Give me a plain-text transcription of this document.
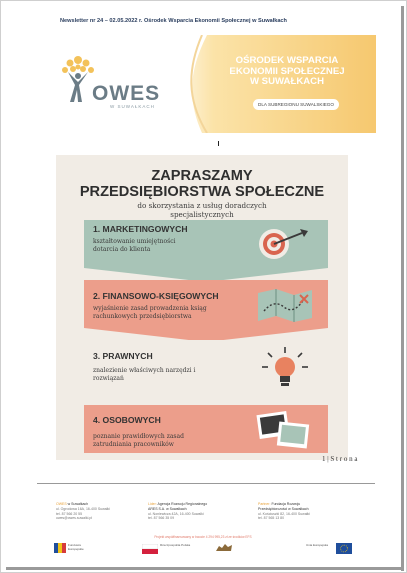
Newsletter nr 24 – 02.05.2022 r. Ośrodek Wsparcia Ekonomii Społecznej w Suwałkach
OWES
W SUWAŁKACH
OŚRODEK WSPARCIA
EKONOMII SPOŁECZNEJ
W SUWAŁKACH
DLA SUBREGIONU SUWALSKIEGO
ZAPRASZAMY
PRZEDSIĘBIORSTWA SPOŁECZNE
do skorzystania z usług doradczych
specjalistycznych
1. MARKETINGOWYCH
kształtowanie umiejętności
dotarcia do klienta
2. FINANSOWO-KSIĘGOWYCH
wyjaśnienie zasad prowadzenia ksiąg
rachunkowych przedsiębiorstwa
3. PRAWNYCH
znalezienie właściwych narzędzi i
rozwiązań
4. OSOBOWYCH
poznanie prawidłowych zasad
zatrudniania pracowników
1 | S t r o n a
OWES w Suwałkach
ul. Ogrodowa 16A, 16-400 Suwałki
tel. 87 566 20 55
owes@owes.suwalki.pl
Lider: Agencja Rozwoju Regionalnego
ARES S.A. w Suwałkach
ul. Noniewicza 42A, 16-400 Suwałki
tel. 87 566 35 09
Partner: Fundacja Rozwoju
Przedsiębiorczości w Suwałkach
ul. Kościuszki 82, 16-400 Suwałki
tel. 87 565 13 80
Projekt współfinansowany w kwocie 4 294 995,23 zł ze środków EFS
Fundusze Europejskie
Rzeczpospolita Polska	Unia Europejska
